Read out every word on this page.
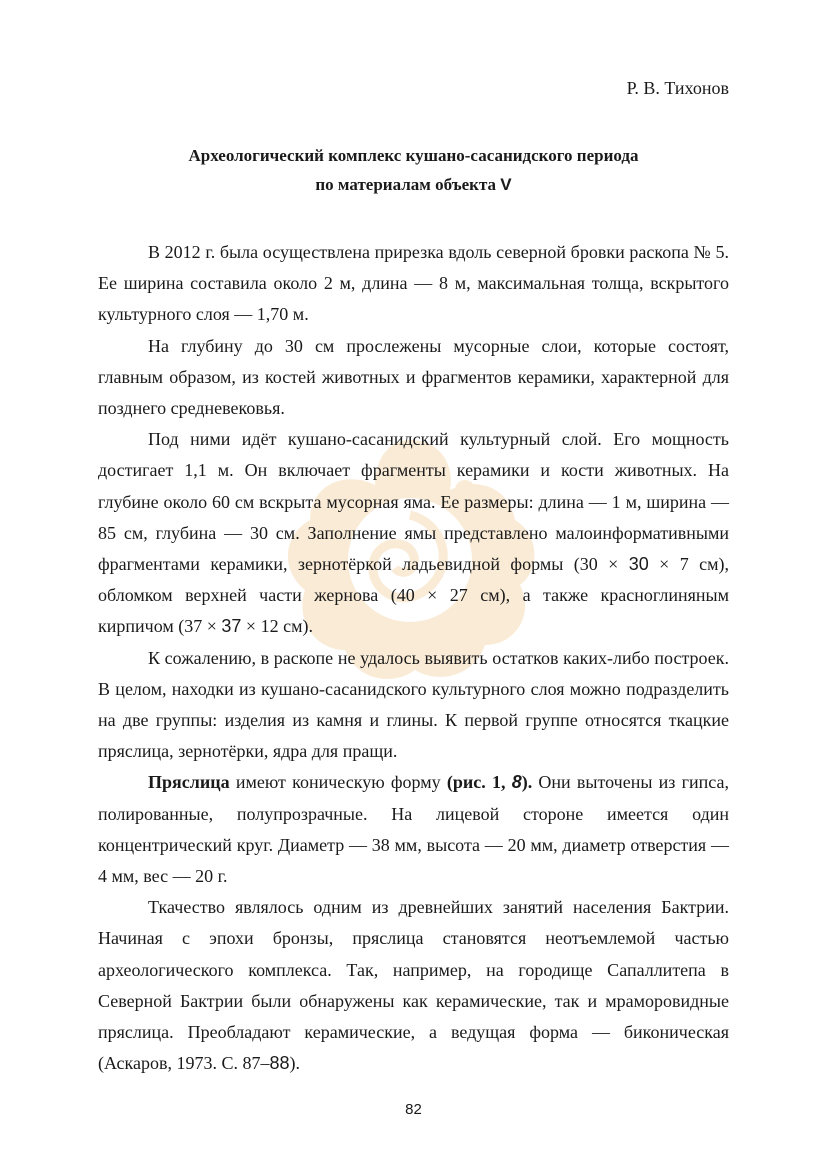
Р. В. Тихонов
Археологический комплекс кушано-сасанидского периода
по материалам объекта V

В 2012 г. была осуществлена прирезка вдоль северной бровки раскопа № 5. Ее ширина составила около 2 м, длина — 8 м, максимальная толща, вскрытого культурного слоя — 1,70 м.

На глубину до 30 см прослежены мусорные слои, которые состоят, главным образом, из костей животных и фрагментов керамики, характерной для позднего средневековья.

Под ними идёт кушано-сасанидский культурный слой. Его мощность достигает 1,1 м. Он включает фрагменты керамики и кости животных. На глубине около 60 см вскрыта мусорная яма. Ее размеры: длина — 1 м, ширина — 85 см, глубина — 30 см. Заполнение ямы представлено малоинформативными фрагментами керамики, зернотёркой ладьевидной формы (30 × 30 × 7 см), обломком верхней части жернова (40 × 27 см), а также красноглиняным кирпичом (37 × 37 × 12 см).

К сожалению, в раскопе не удалось выявить остатков каких-либо построек. В целом, находки из кушано-сасанидского культурного слоя можно подразделить на две группы: изделия из камня и глины. К первой группе относятся ткацкие пряслица, зернотёрки, ядра для пращи.

Пряслица имеют коническую форму (рис. 1, 8). Они выточены из гипса, полированные, полупрозрачные. На лицевой стороне имеется один концентрический круг. Диаметр — 38 мм, высота — 20 мм, диаметр отверстия — 4 мм, вес — 20 г.

Ткачество являлось одним из древнейших занятий населения Бактрии. Начиная с эпохи бронзы, пряслица становятся неотъемлемой частью археологического комплекса. Так, например, на городище Сапаллитепа в Северной Бактрии были обнаружены как керамические, так и мраморовидные пряслица. Преобладают керамические, а ведущая форма — биконическая (Аскаров, 1973. С. 87–88).

82
